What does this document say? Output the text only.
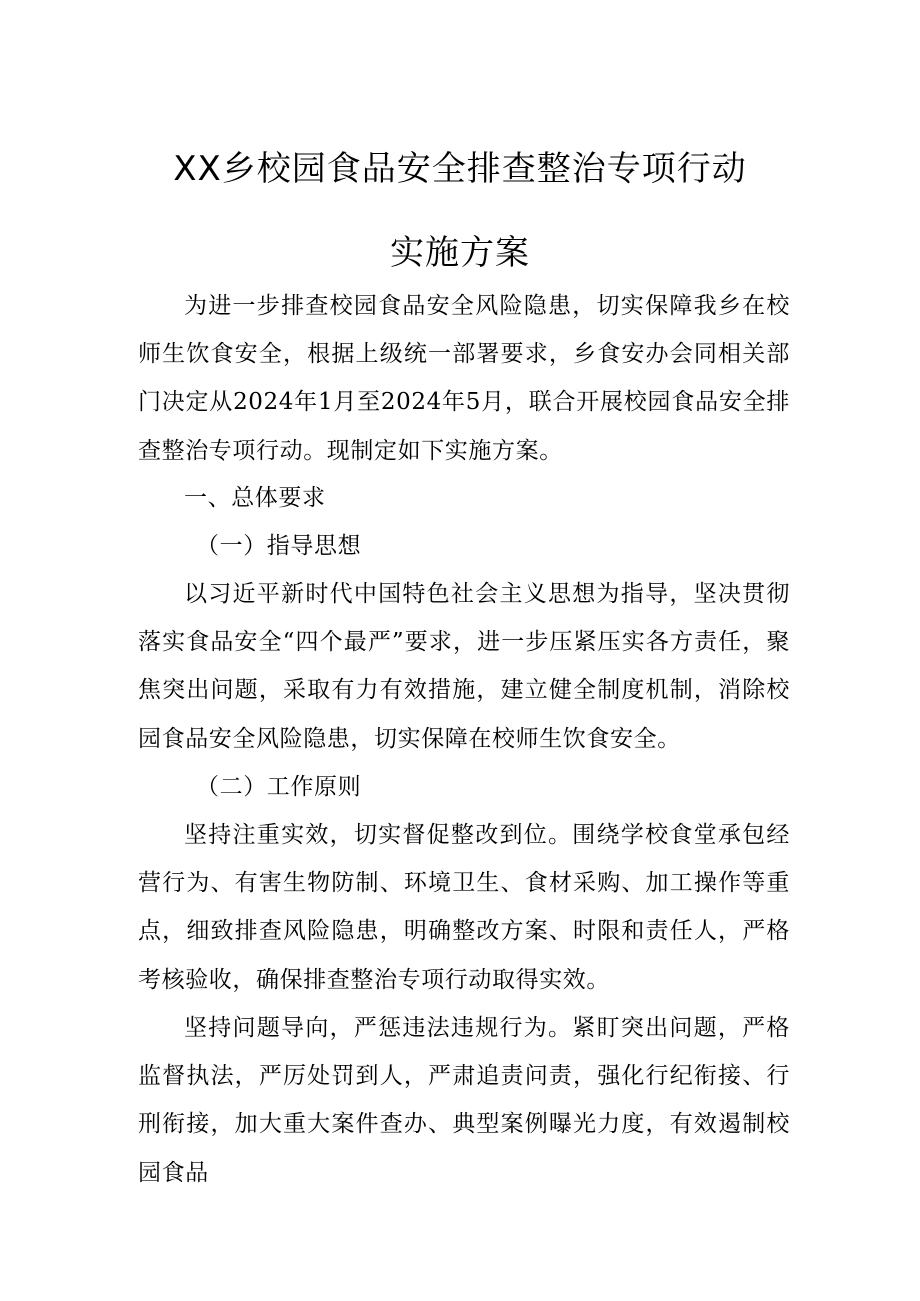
XX乡校园食品安全排查整治专项行动
实施方案

为进一步排查校园食品安全风险隐患，切实保障我乡在校师生饮食安全，根据上级统一部署要求，乡食安办会同相关部门决定从2024年1月至2024年5月，联合开展校园食品安全排查整治专项行动。现制定如下实施方案。

一、总体要求

（一）指导思想

以习近平新时代中国特色社会主义思想为指导，坚决贯彻落实食品安全“四个最严”要求，进一步压紧压实各方责任，聚焦突出问题，采取有力有效措施，建立健全制度机制，消除校园食品安全风险隐患，切实保障在校师生饮食安全。

（二）工作原则

坚持注重实效，切实督促整改到位。围绕学校食堂承包经营行为、有害生物防制、环境卫生、食材采购、加工操作等重点，细致排查风险隐患，明确整改方案、时限和责任人，严格考核验收，确保排查整治专项行动取得实效。

坚持问题导向，严惩违法违规行为。紧盯突出问题，严格监督执法，严厉处罚到人，严肃追责问责，强化行纪衔接、行刑衔接，加大重大案件查办、典型案例曝光力度，有效遏制校园食品
